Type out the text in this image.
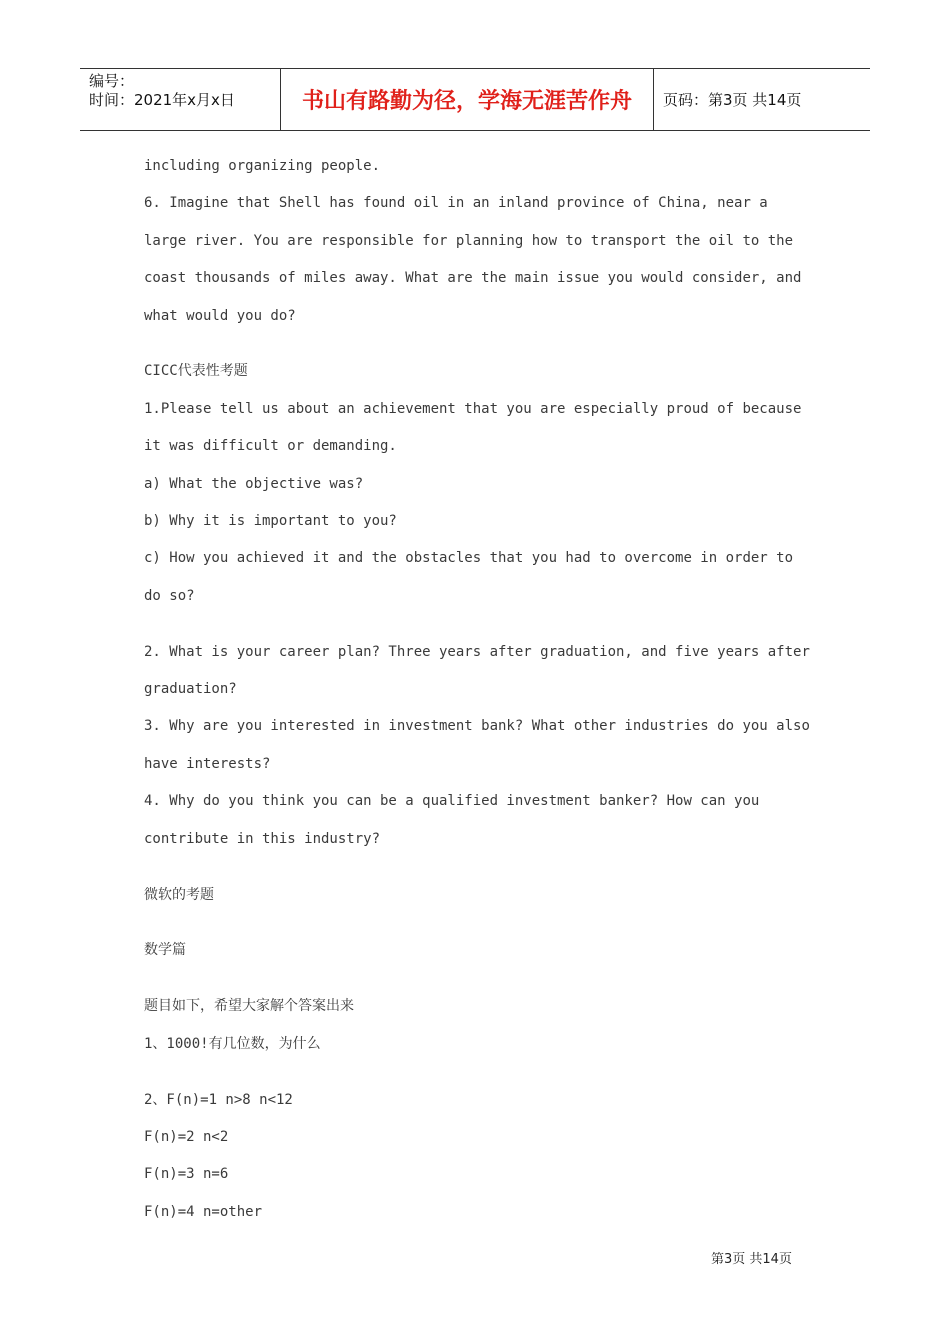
编号：
时间：2021年x月x日	书山有路勤为径，学海无涯苦作舟	页码：第3页 共14页
including organizing people.
6. Imagine that Shell has found oil in an inland province of China, near a
large river. You are responsible for planning how to transport the oil to the
coast thousands of miles away. What are the main issue you would consider, and
what would you do?
CICC代表性考题
1.Please tell us about an achievement that you are especially proud of because
it was difficult or demanding.
a) What the objective was?
b) Why it is important to you?
c) How you achieved it and the obstacles that you had to overcome in order to
do so?
2. What is your career plan? Three years after graduation, and five years after
graduation?
3. Why are you interested in investment bank? What other industries do you also
have interests?
4. Why do you think you can be a qualified investment banker? How can you
contribute in this industry?
微软的考题
数学篇
题目如下，希望大家解个答案出来
1、1000!有几位数，为什么
2、F(n)=1 n>8 n<12
F(n)=2 n<2
F(n)=3 n=6
F(n)=4 n=other
第3页 共14页
